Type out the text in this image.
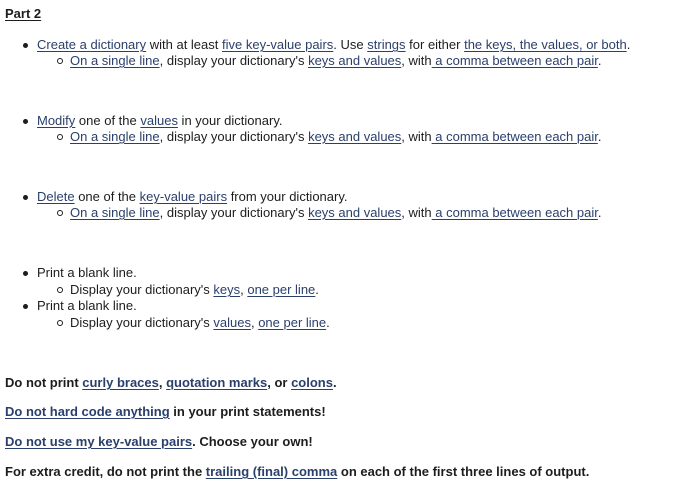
Part 2
Create a dictionary with at least five key-value pairs. Use strings for either the keys, the values, or both.
On a single line, display your dictionary's keys and values, with a comma between each pair.
Modify one of the values in your dictionary.
On a single line, display your dictionary's keys and values, with a comma between each pair.
Delete one of the key-value pairs from your dictionary.
On a single line, display your dictionary's keys and values, with a comma between each pair.
Print a blank line.
Display your dictionary's keys, one per line.
Print a blank line.
Display your dictionary's values, one per line.
Do not print curly braces, quotation marks, or colons.
Do not hard code anything in your print statements!
Do not use my key-value pairs. Choose your own!
For extra credit, do not print the trailing (final) comma on each of the first three lines of output.
